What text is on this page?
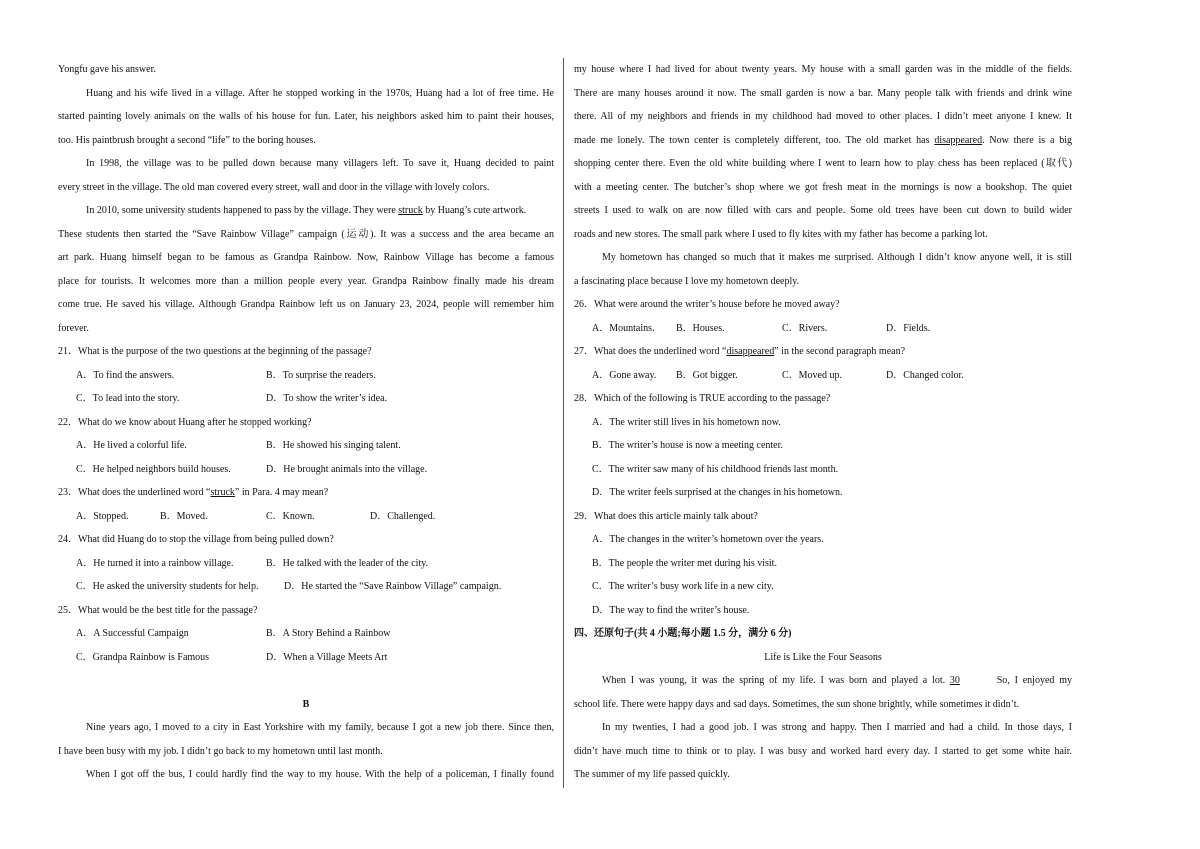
Yongfu gave his answer.
Huang and his wife lived in a village. After he stopped working in the 1970s, Huang had a lot of free time. He
started painting lovely animals on the walls of his house for fun. Later, his neighbors asked him to paint their houses,
too. His paintbrush brought a second “life” to the boring houses.
In 1998, the village was to be pulled down because many villagers left. To save it, Huang decided to paint
every street in the village. The old man covered every street, wall and door in the village with lovely colors.
In 2010, some university students happened to pass by the village. They were struck by Huang’s cute artwork.
These students then started the “Save Rainbow Village” campaign (运动). It was a success and the area became an
art park. Huang himself began to be famous as Grandpa Rainbow. Now, Rainbow Village has become a famous
place for tourists. It welcomes more than a million people every year. Grandpa Rainbow finally made his dream
come true. He saved his village. Although Grandpa Rainbow left us on January 23, 2024, people will remember him
forever.
21．What is the purpose of the two questions at the beginning of the passage?
A．To find the answers.	B．To surprise the readers.
C．To lead into the story.	D．To show the writer’s idea.
22．What do we know about Huang after he stopped working?
A．He lived a colorful life.	B．He showed his singing talent.
C．He helped neighbors build houses.	D．He brought animals into the village.
23．What does the underlined word “struck” in Para. 4 may mean?
A．Stopped.	B．Moved.	C．Known.	D．Challenged.
24．What did Huang do to stop the village from being pulled down?
A．He turned it into a rainbow village.	B．He talked with the leader of the city.
C．He asked the university students for help.	D．He started the “Save Rainbow Village” campaign.
25．What would be the best title for the passage?
A．A Successful Campaign	B．A Story Behind a Rainbow
C．Grandpa Rainbow is Famous	D．When a Village Meets Art
B
Nine years ago, I moved to a city in East Yorkshire with my family, because I got a new job there. Since then,
I have been busy with my job. I didn’t go back to my hometown until last month.
When I got off the bus, I could hardly find the way to my house. With the help of a policeman, I finally found
my house where I had lived for about twenty years. My house with a small garden was in the middle of the fields.
There are many houses around it now. The small garden is now a bar. Many people talk with friends and drink wine
there. All of my neighbors and friends in my childhood had moved to other places. I didn’t meet anyone I knew. It
made me lonely. The town center is completely different, too. The old market has disappeared. Now there is a big
shopping center there. Even the old white building where I went to learn how to play chess has been replaced (取代)
with a meeting center. The butcher’s shop where we got fresh meat in the mornings is now a bookshop. The quiet
streets I used to walk on are now filled with cars and people. Some old trees have been cut down to build wider
roads and new stores. The small park where I used to fly kites with my father has become a parking lot.
My hometown has changed so much that it makes me surprised. Although I didn’t know anyone well, it is still
a fascinating place because I love my hometown deeply.
26．What were around the writer’s house before he moved away?
A．Mountains.	B．Houses.	C．Rivers.	D．Fields.
27．What does the underlined word “disappeared” in the second paragraph mean?
A．Gone away.	B．Got bigger.	C．Moved up.	D．Changed color.
28．Which of the following is TRUE according to the passage?
A．The writer still lives in his hometown now.
B．The writer’s house is now a meeting center.
C．The writer saw many of his childhood friends last month.
D．The writer feels surprised at the changes in his hometown.
29．What does this article mainly talk about?
A．The changes in the writer’s hometown over the years.
B．The people the writer met during his visit.
C．The writer’s busy work life in a new city.
D．The way to find the writer’s house.
四、还原句子(共 4 小题;每小题 1.5 分，满分 6 分)
Life is Like the Four Seasons
When I was young, it was the spring of my life. I was born and played a lot. 30	So, I enjoyed my
school life. There were happy days and sad days. Sometimes, the sun shone brightly, while sometimes it didn’t.
In my twenties, I had a good job. I was strong and happy. Then I married and had a child. In those days, I
didn’t have much time to think or to play. I was busy and worked hard every day. I started to get some white hair.
The summer of my life passed quickly.
